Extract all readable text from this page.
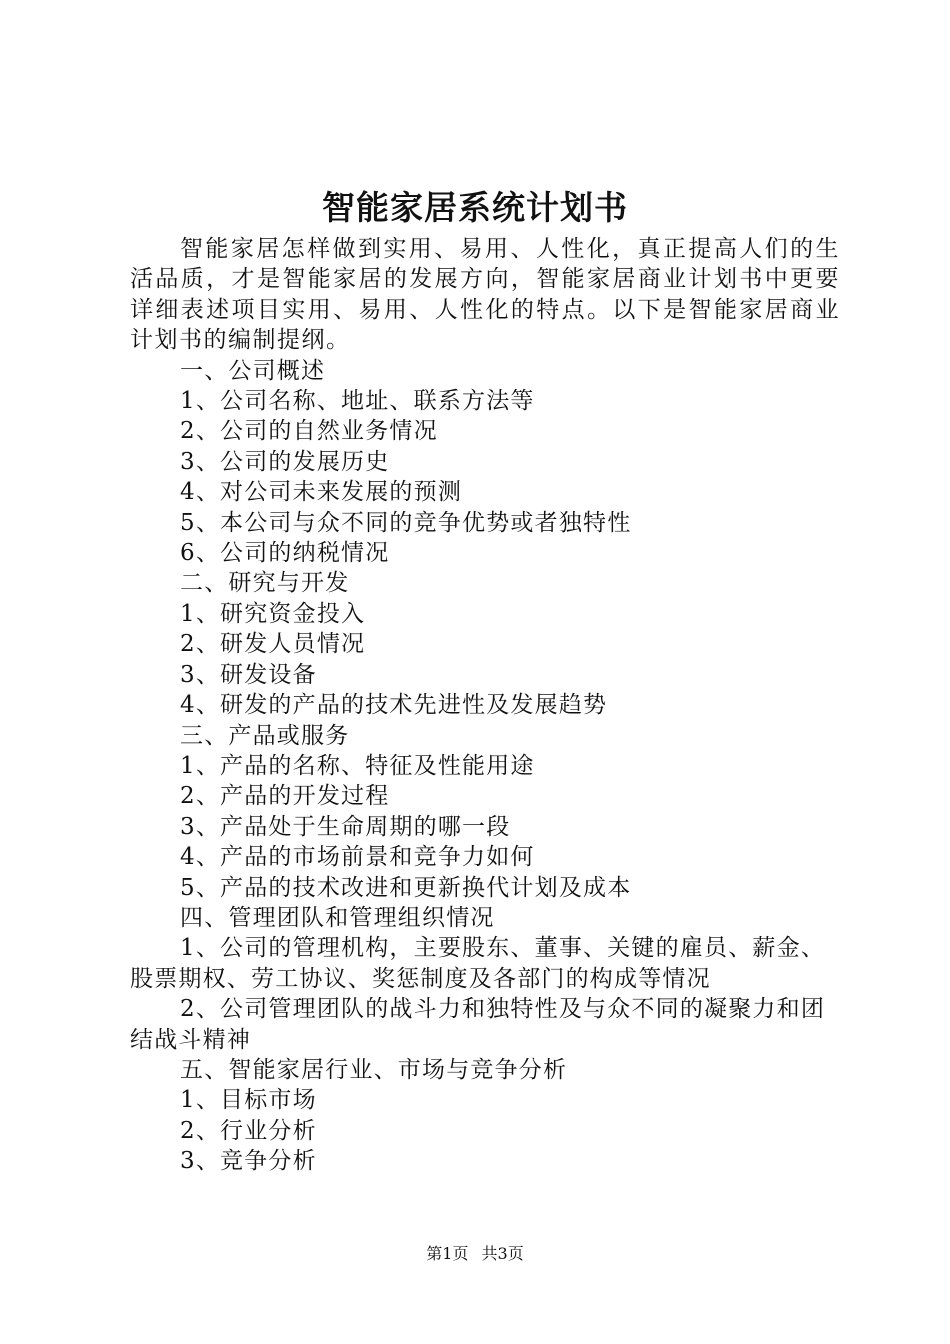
智能家居系统计划书

智能家居怎样做到实用、易用、人性化，真正提高人们的生活品质，才是智能家居的发展方向，智能家居商业计划书中更要详细表述项目实用、易用、人性化的特点。以下是智能家居商业计划书的编制提纲。

一、公司概述

1、公司名称、地址、联系方法等

2、公司的自然业务情况

3、公司的发展历史

4、对公司未来发展的预测

5、本公司与众不同的竞争优势或者独特性

6、公司的纳税情况

二、研究与开发

1、研究资金投入

2、研发人员情况

3、研发设备

4、研发的产品的技术先进性及发展趋势

三、产品或服务

1、产品的名称、特征及性能用途

2、产品的开发过程

3、产品处于生命周期的哪一段

4、产品的市场前景和竞争力如何

5、产品的技术改进和更新换代计划及成本

四、管理团队和管理组织情况

1、公司的管理机构，主要股东、董事、关键的雇员、薪金、股票期权、劳工协议、奖惩制度及各部门的构成等情况

2、公司管理团队的战斗力和独特性及与众不同的凝聚力和团结战斗精神

五、智能家居行业、市场与竞争分析

1、目标市场

2、行业分析

3、竞争分析

第1页 共3页
